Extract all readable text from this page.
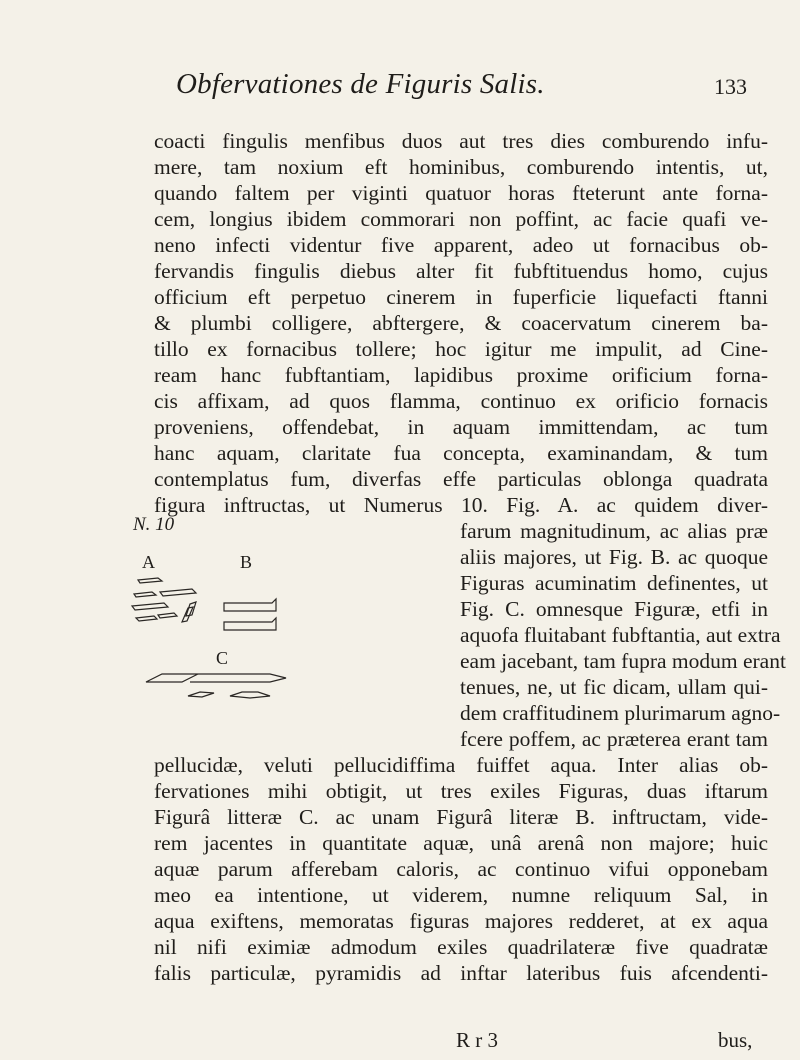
Obfervationes de Figuris Salis.	133
coacti fingulis menfibus duos aut tres dies comburendo infu-
mere, tam noxium eft hominibus, comburendo intentis, ut,
quando faltem per viginti quatuor horas fteterunt ante forna-
cem, longius ibidem commorari non poffint, ac facie quafi ve-
neno infecti videntur five apparent, adeo ut fornacibus ob-
fervandis fingulis diebus alter fit fubftituendus homo, cujus
officium eft perpetuo cinerem in fuperficie liquefacti ftanni
& plumbi colligere, abftergere, & coacervatum cinerem ba-
tillo ex fornacibus tollere; hoc igitur me impulit, ad Cine-
ream hanc fubftantiam, lapidibus proxime orificium forna-
cis affixam, ad quos flamma, continuo ex orificio fornacis
proveniens, offendebat, in aquam immittendam, ac tum
hanc aquam, claritate fua concepta, examinandam, & tum
contemplatus fum, diverfas effe particulas oblonga quadrata
figura inftructas, ut Numerus 10. Fig. A. ac quidem diver-
N. 10
A	B
C
farum magnitudinum, ac alias præ
aliis majores, ut Fig. B. ac quoque
Figuras acuminatim definentes, ut
Fig. C. omnesque Figuræ, etfi in
aquofa fluitabant fubftantia, aut extra
eam jacebant, tam fupra modum erant
tenues, ne, ut fic dicam, ullam qui-
dem craffitudinem plurimarum agno-
fcere poffem, ac præterea erant tam
pellucidæ, veluti pellucidiffima fuiffet aqua. Inter alias ob-
fervationes mihi obtigit, ut tres exiles Figuras, duas iftarum
Figurâ litteræ C. ac unam Figurâ literæ B. inftructam, vide-
rem jacentes in quantitate aquæ, unâ arenâ non majore; huic
aquæ parum afferebam caloris, ac continuo vifui opponebam
meo ea intentione, ut viderem, numne reliquum Sal, in
aqua exiftens, memoratas figuras majores redderet, at ex aqua
nil nifi eximiæ admodum exiles quadrilateræ five quadratæ
falis particulæ, pyramidis ad inftar lateribus fuis afcendenti-
R r 3	bus,
